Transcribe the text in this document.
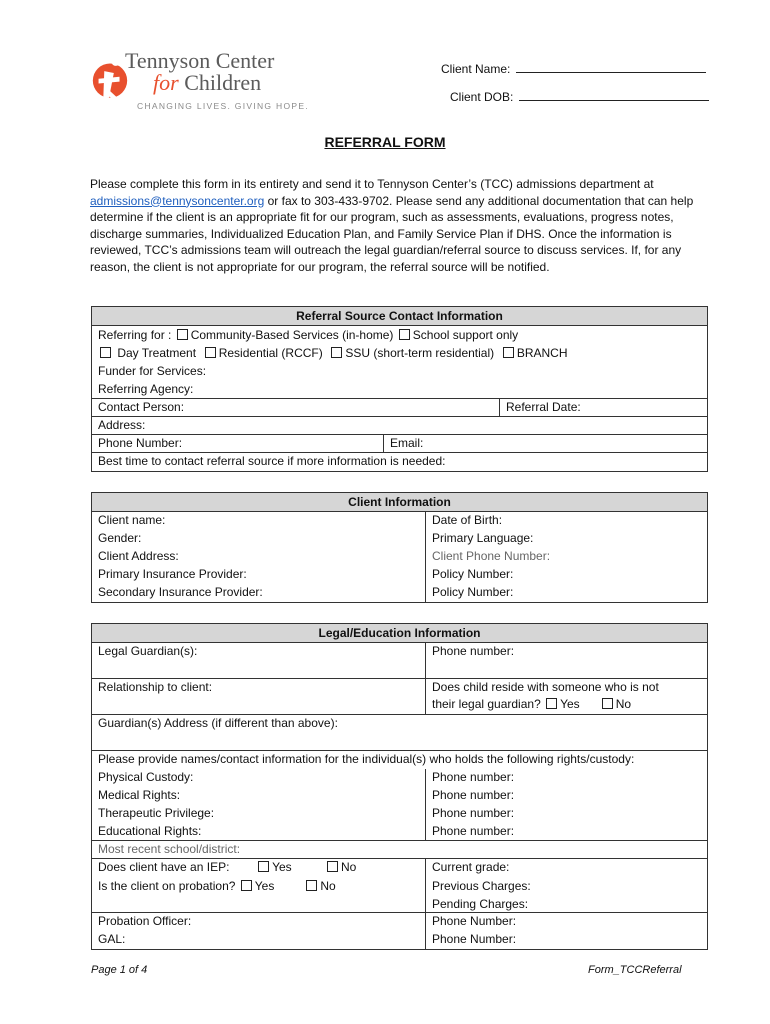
Tennyson Center
for Children
CHANGING LIVES. GIVING HOPE.
Client Name:
Client DOB:
REFERRAL FORM
Please complete this form in its entirety and send it to Tennyson Center’s (TCC) admissions department at admissions@tennysoncenter.org or fax to 303-433-9702. Please send any additional documentation that can help determine if the client is an appropriate fit for our program, such as assessments, evaluations, progress notes, discharge summaries, Individualized Education Plan, and Family Service Plan if DHS. Once the information is reviewed, TCC’s admissions team will outreach the legal guardian/referral source to discuss services. If, for any reason, the client is not appropriate for our program, the referral source will be notified.
Referral Source Contact Information
Referring for : Community-Based Services (in-home) School support only
Day Treatment Residential (RCCF) SSU (short-term residential) BRANCH
Funder for Services:
Referring Agency:
Contact Person:	Referral Date:
Address:
Phone Number:	Email:
Best time to contact referral source if more information is needed:
Client Information
Client name:	Date of Birth:
Gender:	Primary Language:
Client Address:	Client Phone Number:
Primary Insurance Provider:	Policy Number:
Secondary Insurance Provider:	Policy Number:
Legal/Education Information
Legal Guardian(s):	Phone number:
Relationship to client:	Does child reside with someone who is not
their legal guardian? Yes	No
Guardian(s) Address (if different than above):
Please provide names/contact information for the individual(s) who holds the following rights/custody:
Physical Custody:	Phone number:
Medical Rights:	Phone number:
Therapeutic Privilege:	Phone number:
Educational Rights:	Phone number:
Most recent school/district:
Does client have an IEP:	Yes	No	Current grade:
Is the client on probation? Yes	No	Previous Charges:
Pending Charges:
Probation Officer:	Phone Number:
GAL:	Phone Number:
Page 1 of 4	Form_TCCReferral
